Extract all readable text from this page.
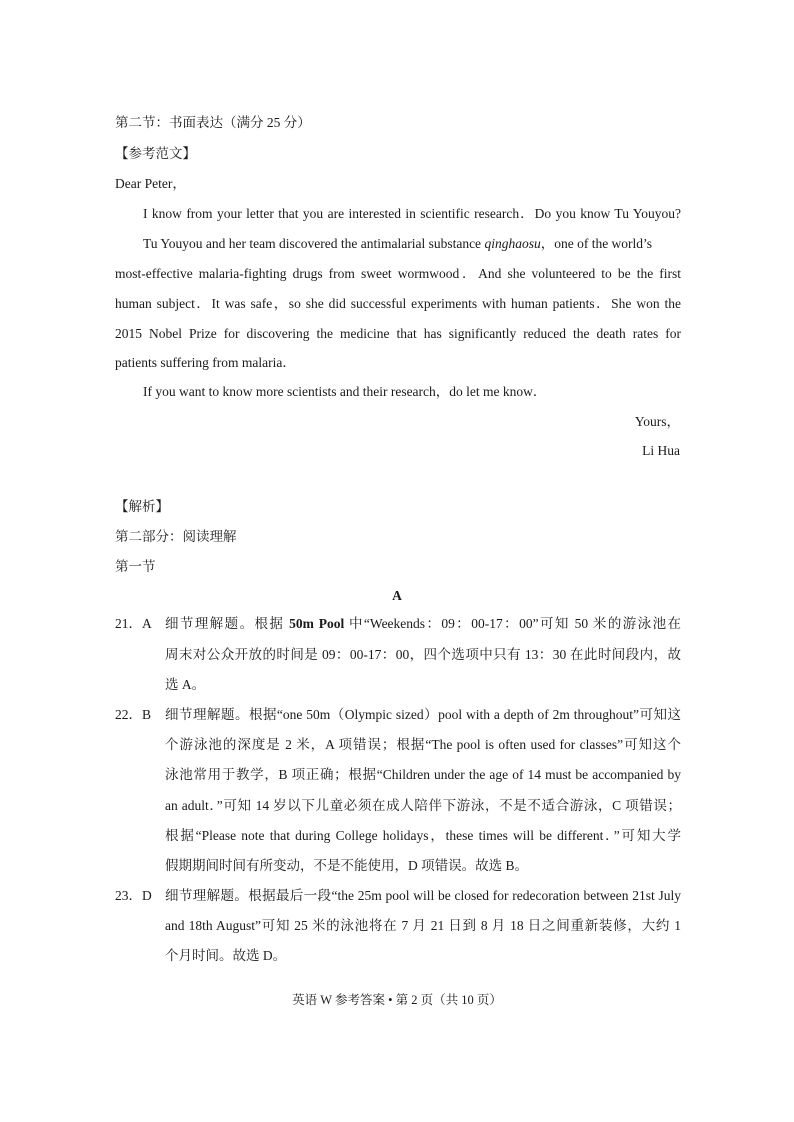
第二节：书面表达（满分 25 分）
【参考范文】
Dear Peter，
I know from your letter that you are interested in scientific research．Do you know Tu Youyou?
Tu Youyou and her team discovered the antimalarial substance qinghaosu，one of the world’s
most-effective malaria-fighting drugs from sweet wormwood．And she volunteered to be the first
human subject．It was safe，so she did successful experiments with human patients．She won the
2015 Nobel Prize for discovering the medicine that has significantly reduced the death rates for
patients suffering from malaria．
If you want to know more scientists and their research，do let me know．
Yours，
Li Hua
【解析】
第二部分：阅读理解
第一节
A
21．A 细节理解题。根据 50m Pool 中“Weekends：09：00-17：00”可知 50 米的游泳池在
周末对公众开放的时间是 09：00-17：00，四个选项中只有 13：30 在此时间段内，故
选 A。
22．B 细节理解题。根据“one 50m（Olympic sized）pool with a depth of 2m throughout”可知这
个游泳池的深度是 2 米，A 项错误；根据“The pool is often used for classes”可知这个
泳池常用于教学，B 项正确；根据“Children under the age of 14 must be accompanied by
an adult．”可知 14 岁以下儿童必须在成人陪伴下游泳，不是不适合游泳，C 项错误；
根据“Please note that during College holidays，these times will be different．”可知大学
假期期间时间有所变动，不是不能使用，D 项错误。故选 B。
23．D 细节理解题。根据最后一段“the 25m pool will be closed for redecoration between 21st July
and 18th August”可知 25 米的泳池将在 7 月 21 日到 8 月 18 日之间重新装修，大约 1
个月时间。故选 D。
英语 W 参考答案 • 第 2 页（共 10 页）
